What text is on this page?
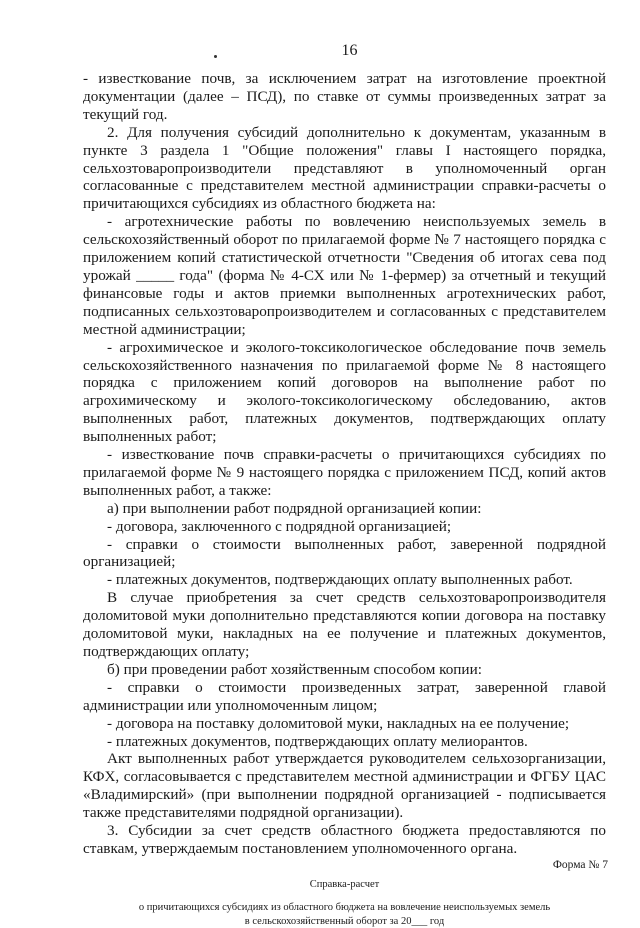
16

- известкование почв, за исключением затрат на изготовление проектной документации (далее – ПСД), по ставке от суммы произведенных затрат за текущий год.

2. Для получения субсидий дополнительно к документам, указанным в пункте 3 раздела 1 "Общие положения" главы I настоящего порядка, сельхозтоваропроизводители представляют в уполномоченный орган согласованные с представителем местной администрации справки-расчеты о причитающихся субсидиях из областного бюджета на:

- агротехнические работы по вовлечению неиспользуемых земель в сельскохозяйственный оборот по прилагаемой форме № 7 настоящего порядка с приложением копий статистической отчетности "Сведения об итогах сева под урожай _____ года" (форма № 4-СХ или № 1-фермер) за отчетный и текущий финансовые годы и актов приемки выполненных агротехнических работ, подписанных сельхозтоваропроизводителем и согласованных с представителем местной администрации;

- агрохимическое и эколого-токсикологическое обследование почв земель сельскохозяйственного назначения по прилагаемой форме № 8 настоящего порядка с приложением копий договоров на выполнение работ по агрохимическому и эколого-токсикологическому обследованию, актов выполненных работ, платежных документов, подтверждающих оплату выполненных работ;

- известкование почв справки-расчеты о причитающихся субсидиях по прилагаемой форме № 9 настоящего порядка с приложением ПСД, копий актов выполненных работ, а также:

а) при выполнении работ подрядной организацией копии:

- договора, заключенного с подрядной организацией;

- справки о стоимости выполненных работ, заверенной подрядной организацией;

- платежных документов, подтверждающих оплату выполненных работ.

В случае приобретения за счет средств сельхозтоваропроизводителя доломитовой муки дополнительно представляются копии договора на поставку доломитовой муки, накладных на ее получение и платежных документов, подтверждающих оплату;

б) при проведении работ хозяйственным способом копии:

- справки о стоимости произведенных затрат, заверенной главой администрации или уполномоченным лицом;

- договора на поставку доломитовой муки, накладных на ее получение;

- платежных документов, подтверждающих оплату мелиорантов.

Акт выполненных работ утверждается руководителем сельхозорганизации, КФХ, согласовывается с представителем местной администрации и ФГБУ ЦАС «Владимирский» (при выполнении подрядной организацией - подписывается также представителями подрядной организации).

3. Субсидии за счет средств областного бюджета предоставляются по ставкам, утверждаемым постановлением уполномоченного органа.

Форма № 7
Справка-расчет
о причитающихся субсидиях из областного бюджета на вовлечение неиспользуемых земель
в сельскохозяйственный оборот за 20___ год
